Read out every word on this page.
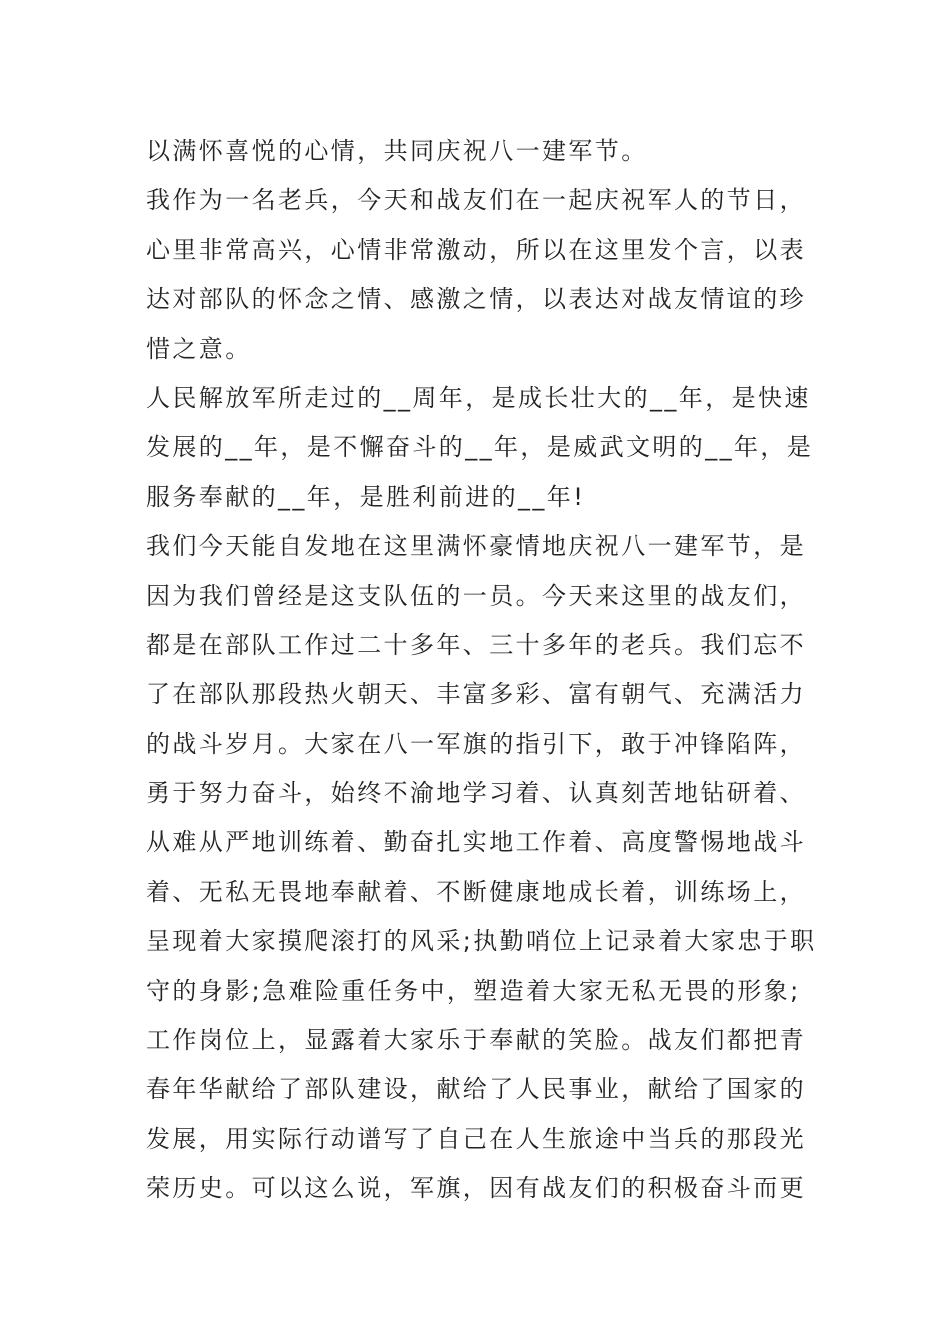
以满怀喜悦的心情，共同庆祝八一建军节。
我作为一名老兵，今天和战友们在一起庆祝军人的节日，
心里非常高兴，心情非常激动，所以在这里发个言，以表
达对部队的怀念之情、感激之情，以表达对战友情谊的珍
惜之意。
人民解放军所走过的__周年，是成长壮大的__年，是快速
发展的__年，是不懈奋斗的__年，是威武文明的__年，是
服务奉献的__年，是胜利前进的__年!
我们今天能自发地在这里满怀豪情地庆祝八一建军节，是
因为我们曾经是这支队伍的一员。今天来这里的战友们，
都是在部队工作过二十多年、三十多年的老兵。我们忘不
了在部队那段热火朝天、丰富多彩、富有朝气、充满活力
的战斗岁月。大家在八一军旗的指引下，敢于冲锋陷阵，
勇于努力奋斗，始终不渝地学习着、认真刻苦地钻研着、
从难从严地训练着、勤奋扎实地工作着、高度警惕地战斗
着、无私无畏地奉献着、不断健康地成长着，训练场上，
呈现着大家摸爬滚打的风采;执勤哨位上记录着大家忠于职
守的身影;急难险重任务中，塑造着大家无私无畏的形象;
工作岗位上，显露着大家乐于奉献的笑脸。战友们都把青
春年华献给了部队建设，献给了人民事业，献给了国家的
发展，用实际行动谱写了自己在人生旅途中当兵的那段光
荣历史。可以这么说，军旗，因有战友们的积极奋斗而更
